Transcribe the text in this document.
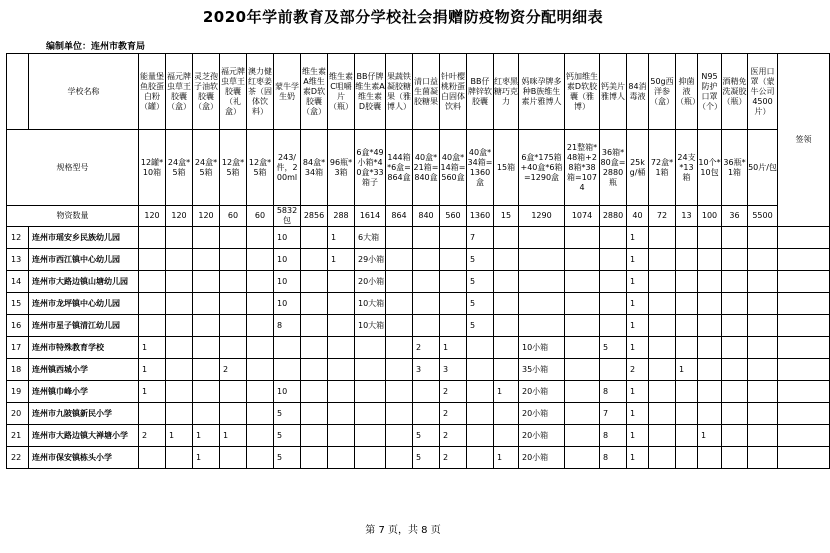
2020年学前教育及部分学校社会捐赠防疫物资分配明细表
编制单位：连州市教育局
	学校名称	能量堡鱼胶蛋白粉（罐）	福元牌虫草王胶囊（盒）	灵芝孢子油软胶囊（盒）	福元牌虫草王胶囊（礼盒）	澳力健红枣姜茶（固体饮料）	蒙牛学生奶	维生素A维生素D软胶囊（盒）	维生素C咀嚼片（瓶）	BB仔牌维生素A维生素D胶囊	果蔬铁凝胶糖果（雅博人）	清口益生菌凝胶糖果	针叶樱桃粉蛋白固体饮料	BB仔牌锌软胶囊	红枣黑糖巧克力	妈咪孕牌多种B族维生素片雅博人	钙加维生素D软胶囊（雅博）	钙美片雅博人	84消毒液	50g西洋参（盒）	抑菌液（瓶）	N95防护口罩（个）	酒精免洗凝胶（瓶）	医用口罩（蒙牛公司4500片）	签领
规格型号		12罐*10箱	24盒*5箱	24盒*5箱	12盒*5箱	12盒*5箱	243/件，200ml	84盒*34箱	96瓶*3箱	6盒*49小箱*40盒*33箱子	144箱*6盒=864盒	40盒*21箱=840盒	40盒*14箱=560盒	40盒*34箱=1360盒	15箱	6盒*175箱+40盒*6箱=1290盒	21整箱*48箱+28箱*38箱=1074	36箱*80盒=2880瓶	25kg/桶	72盒*1箱	24支*13箱	10个*10包	36瓶*1箱	50片/包	
物资数量		120	120	120	60	60	5832包	2856	288	1614	864	840	560	1360	15	1290	1074	2880	40	72	13	100	36	5500	
12	连州市瑶安乡民族幼儿园						10		1	6大箱				7					1						
13	连州市西江镇中心幼儿园						10		1	29小箱				5					1						
14	连州市大路边镇山塘幼儿园						10			20小箱				5					1						
15	连州市龙坪镇中心幼儿园						10			10大箱				5					1						
16	连州市星子镇清江幼儿园						8			10大箱				5					1						
17	连州市特殊教育学校	1										2	1			10小箱		5	1						
18	连州镇西城小学	1			2							3	3			35小箱			2		1				
19	连州镇巾峰小学	1					10						2		1	20小箱		8	1						
20	连州市九陂镇新民小学						5						2			20小箱		7	1						
21	连州市大路边镇大禅塘小学	2	1	1	1		5					5	2			20小箱		8	1			1			
22	连州市保安镇栋头小学			1			5					5	2		1	20小箱		8	1						
第 7 页，共 8 页
